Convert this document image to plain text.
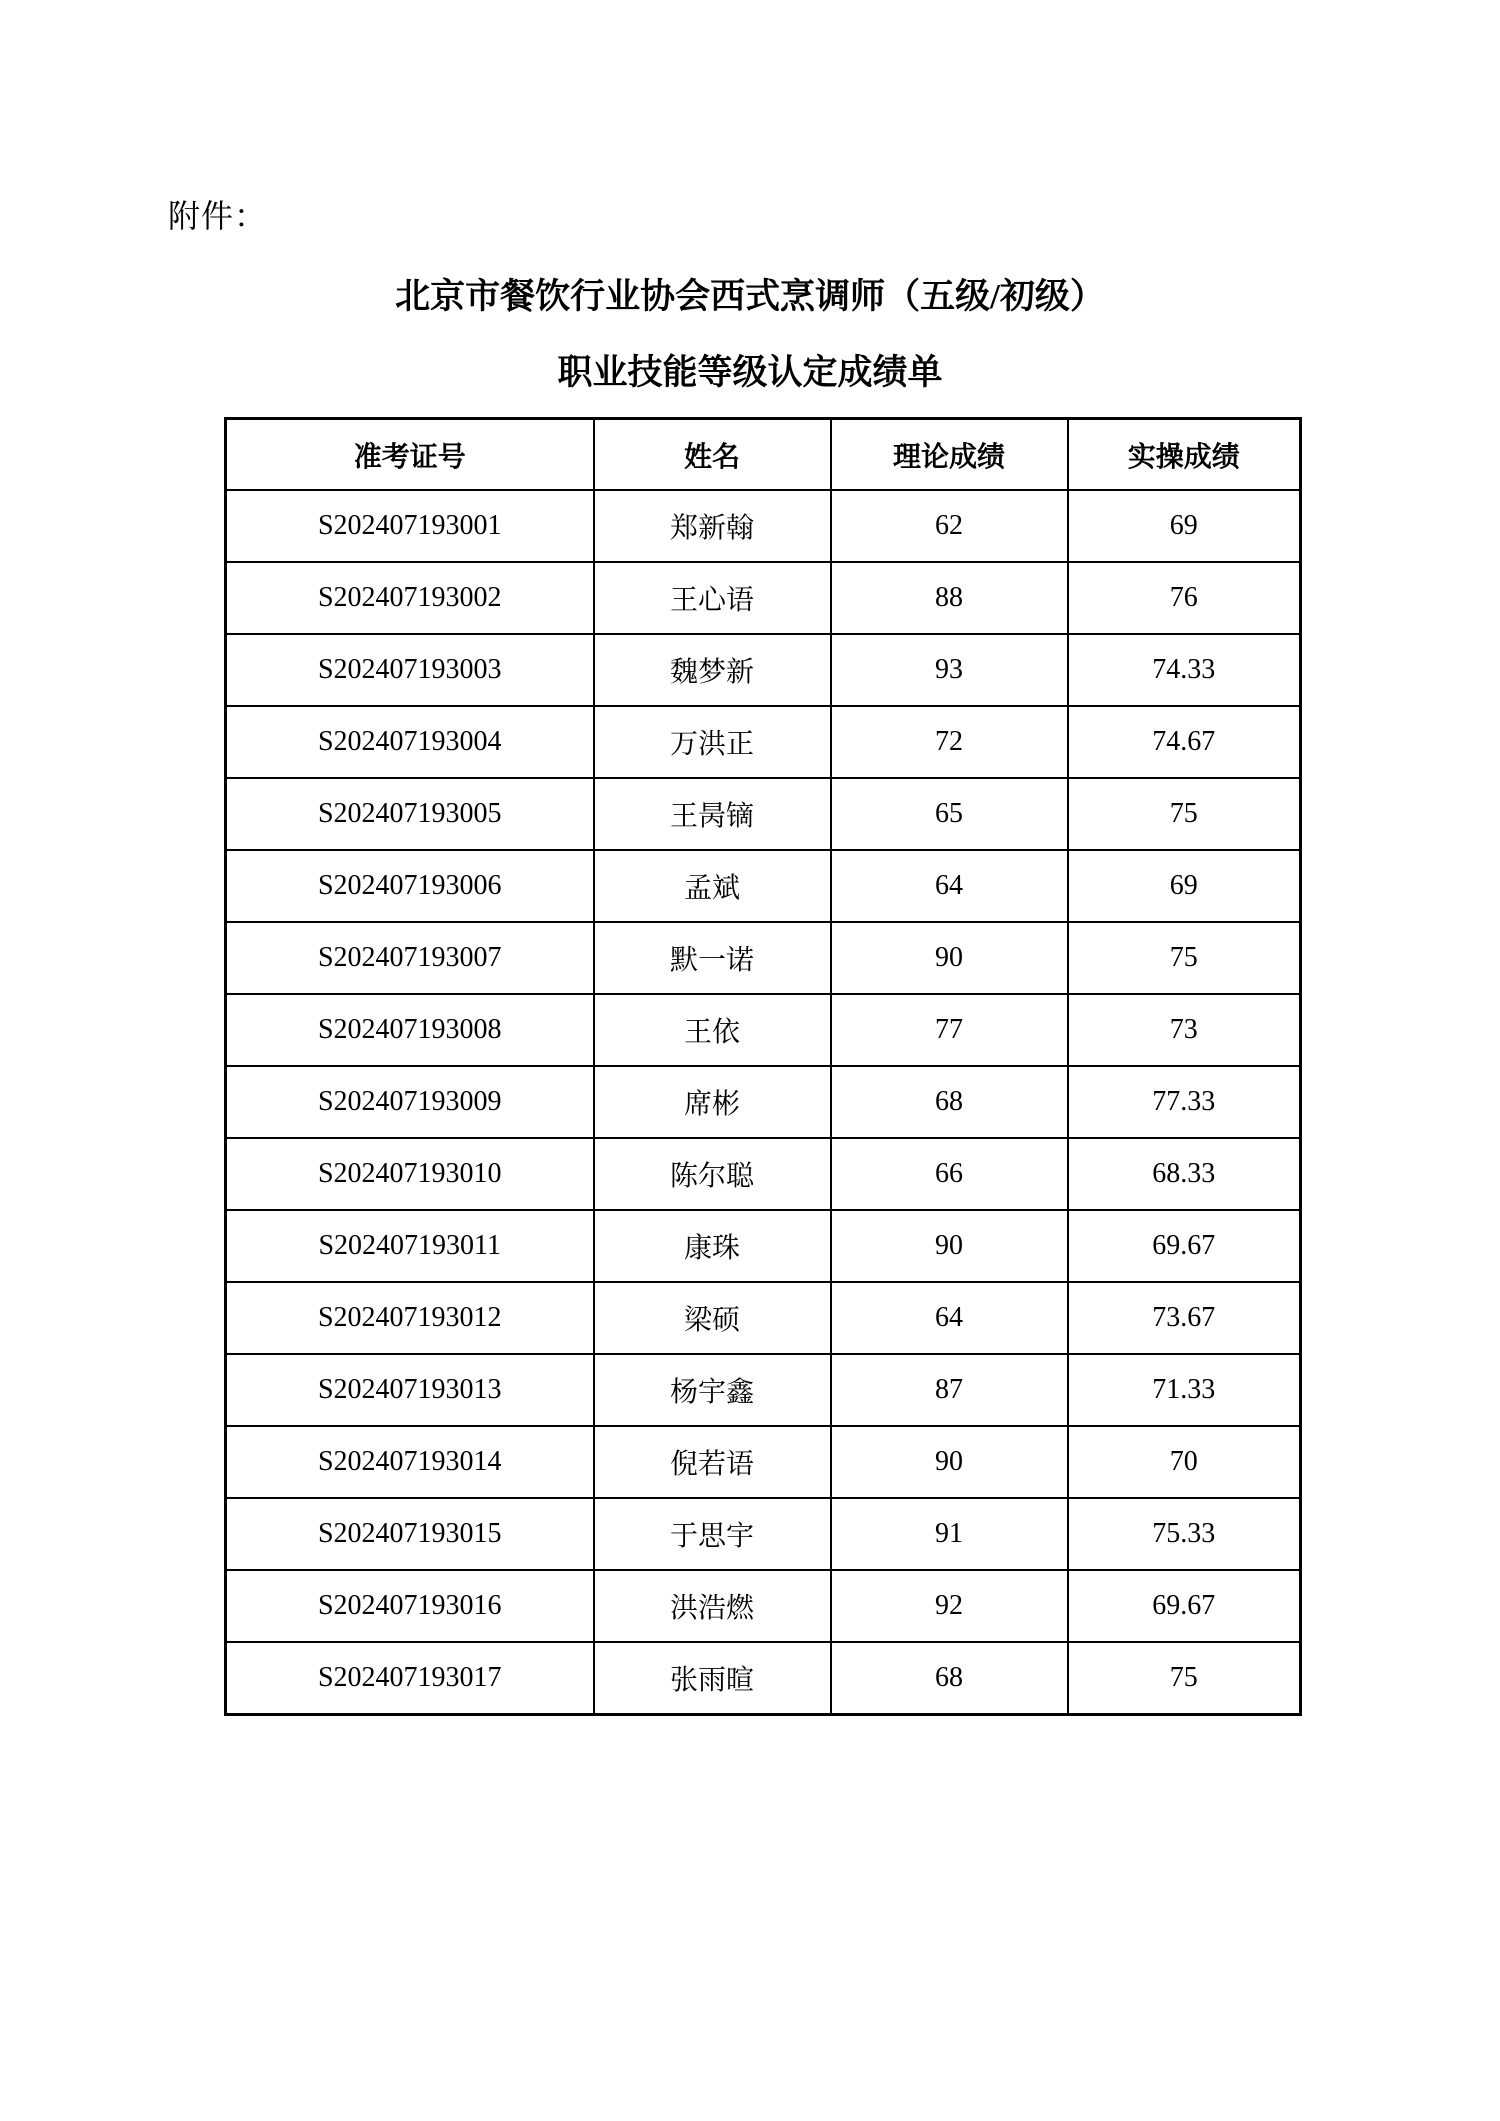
附件：
北京市餐饮行业协会西式烹调师（五级/初级）
职业技能等级认定成绩单
准考证号	姓名	理论成绩	实操成绩
S202407193001	郑新翰	62	69
S202407193002	王心语	88	76
S202407193003	魏梦新	93	74.33
S202407193004	万洪正	72	74.67
S202407193005	王昺镝	65	75
S202407193006	孟斌	64	69
S202407193007	默一诺	90	75
S202407193008	王依	77	73
S202407193009	席彬	68	77.33
S202407193010	陈尔聪	66	68.33
S202407193011	康珠	90	69.67
S202407193012	梁硕	64	73.67
S202407193013	杨宇鑫	87	71.33
S202407193014	倪若语	90	70
S202407193015	于思宇	91	75.33
S202407193016	洪浩燃	92	69.67
S202407193017	张雨暄	68	75
